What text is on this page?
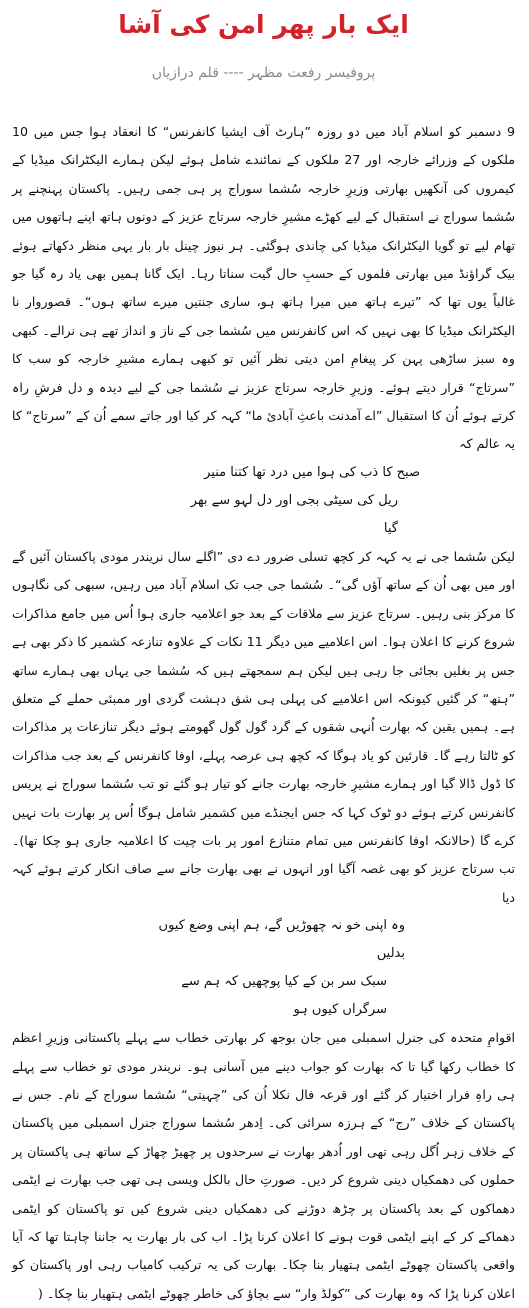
ایک بار پھر امن کی آشا
پروفیسر رفعت مظہر ---- قلم درازیاں

9 دسمبر کو اسلام آباد میں دو روزہ ”ہارٹ آف ایشیا کانفرنس“ کا انعقاد ہوا جس میں 10 ملکوں کے وزرائے خارجہ اور 27 ملکوں کے نمائندے شامل ہوئے لیکن ہمارے الیکٹرانک میڈیا کے کیمروں کی آنکھیں بھارتی وزیرِ خارجہ سُشما سوراج پر ہی جمی رہیں۔ پاکستان پہنچنے پر سُشما سوراج نے استقبال کے لیے کھڑے مشیرِ خارجہ سرتاج عزیز کے دونوں ہاتھ اپنے ہاتھوں میں تھام لیے تو گویا الیکٹرانک میڈیا کی چاندی ہوگئی۔ ہر نیوز چینل بار بار یہی منظر دکھاتے ہوئے بیک گراؤنڈ میں بھارتی فلموں کے حسبِ حال گیت سناتا رہا۔ ایک گانا ہمیں بھی یاد رہ گیا جو غالباً یوں تھا کہ ”تیرے ہاتھ میں میرا ہاتھ ہو، ساری جنتیں میرے ساتھ ہوں“۔ قصوروار نا الیکٹرانک میڈیا کا بھی نہیں کہ اس کانفرنس میں سُشما جی کے ناز و انداز تھے ہی نرالے۔ کبھی وہ سبز ساڑھی پہن کر پیغامِ امن دیتی نظر آئیں تو کبھی ہمارے مشیرِ خارجہ کو سب کا ”سرتاج“ قرار دیتے ہوئے۔ وزیرِ خارجہ سرتاج عزیز نے سُشما جی کے لیے دیدہ و دل فرشِ راہ کرتے ہوئے اُن کا استقبال ”اے آمدنت باعثِ آبادیٔ ما“ کہہ کر کیا اور جاتے سمے اُن کے ”سرتاج“ کا یہ عالم کہ

صبح کا ذب کی ہوا میں درد تھا کتنا منیر

ریل کی سیٹی بجی اور دل لہو سے بھر گیا

لیکن سُشما جی نے یہ کہہ کر کچھ تسلی ضرور دے دی ”اگلے سال نریندر مودی پاکستان آئیں گے اور میں بھی اُن کے ساتھ آؤں گی“۔ سُشما جی جب تک اسلام آباد میں رہیں، سبھی کی نگاہوں کا مرکز بنی رہیں۔ سرتاج عزیز سے ملاقات کے بعد جو اعلامیہ جاری ہوا اُس میں جامع مذاکرات شروع کرنے کا اعلان ہوا۔ اس اعلامیے میں دیگر 11 نکات کے علاوہ تنازعہ کشمیر کا ذکر بھی ہے جس پر بغلیں بجائی جا رہی ہیں لیکن ہم سمجھتے ہیں کہ سُشما جی یہاں بھی ہمارے ساتھ ”ہتھ“ کر گئیں کیونکہ اس اعلامیے کی پہلی ہی شق دہشت گردی اور ممبئی حملے کے متعلق ہے۔ ہمیں یقین کہ بھارت اُنہی شقوں کے گرد گول گول گھومتے ہوئے دیگر تنازعات پر مذاکرات کو ٹالتا رہے گا۔ قارئین کو یاد ہوگا کہ کچھ ہی عرصہ پہلے، اوفا کانفرنس کے بعد جب مذاکرات کا ڈول ڈالا گیا اور ہمارے مشیرِ خارجہ بھارت جانے کو تیار ہو گئے تو تب سُشما سوراج نے پریس کانفرنس کرتے ہوئے دو ٹوک کہا کہ جس ایجنڈے میں کشمیر شامل ہوگا اُس پر بھارت بات نہیں کرے گا (حالانکہ اوفا کانفرنس میں تمام متنازع امور پر بات چیت کا اعلامیہ جاری ہو چکا تھا)۔ تب سرتاج عزیز کو بھی غصہ آگیا اور انہوں نے بھی بھارت جانے سے صاف انکار کرتے ہوئے کہہ دیا

وہ اپنی خو نہ چھوڑیں گے، ہم اپنی وضع کیوں بدلیں

سبک سر بن کے کیا پوچھیں کہ ہم سے سرگراں کیوں ہو

اقوامِ متحدہ کی جنرل اسمبلی میں جان بوجھ کر بھارتی خطاب سے پہلے پاکستانی وزیرِ اعظم کا خطاب رکھا گیا تا کہ بھارت کو جواب دینے میں آسانی ہو۔ نریندر مودی تو خطاب سے پہلے ہی راہِ فرار اختیار کر گئے اور قرعہ فال نکلا اُن کی ”چہیتی“ سُشما سوراج کے نام۔ جس نے پاکستان کے خلاف ”رج“ کے ہرزہ سرائی کی۔ اِدھر سُشما سوراج جنرل اسمبلی میں پاکستان کے خلاف زہر اُگل رہی تھی اور اُدھر بھارت نے سرحدوں پر چھیڑ چھاڑ کے ساتھ ہی پاکستان پر حملوں کی دھمکیاں دینی شروع کر دیں۔ صورتِ حال بالکل ویسی ہی تھی جب بھارت نے ایٹمی دھماکوں کے بعد پاکستان پر چڑھ دوڑنے کی دھمکیاں دینی شروع کیں تو پاکستان کو ایٹمی دھماکے کر کے اپنے ایٹمی قوت ہونے کا اعلان کرنا پڑا۔ اب کی بار بھارت یہ جاننا چاہتا تھا کہ آیا واقعی پاکستان چھوٹے ایٹمی ہتھیار بنا چکا۔ بھارت کی یہ ترکیب کامیاب رہی اور پاکستان کو اعلان کرنا پڑا کہ وہ بھارت کی ”کولڈ وار“ سے بچاؤ کی خاطر چھوٹے ایٹمی ہتھیار بنا چکا۔ (
